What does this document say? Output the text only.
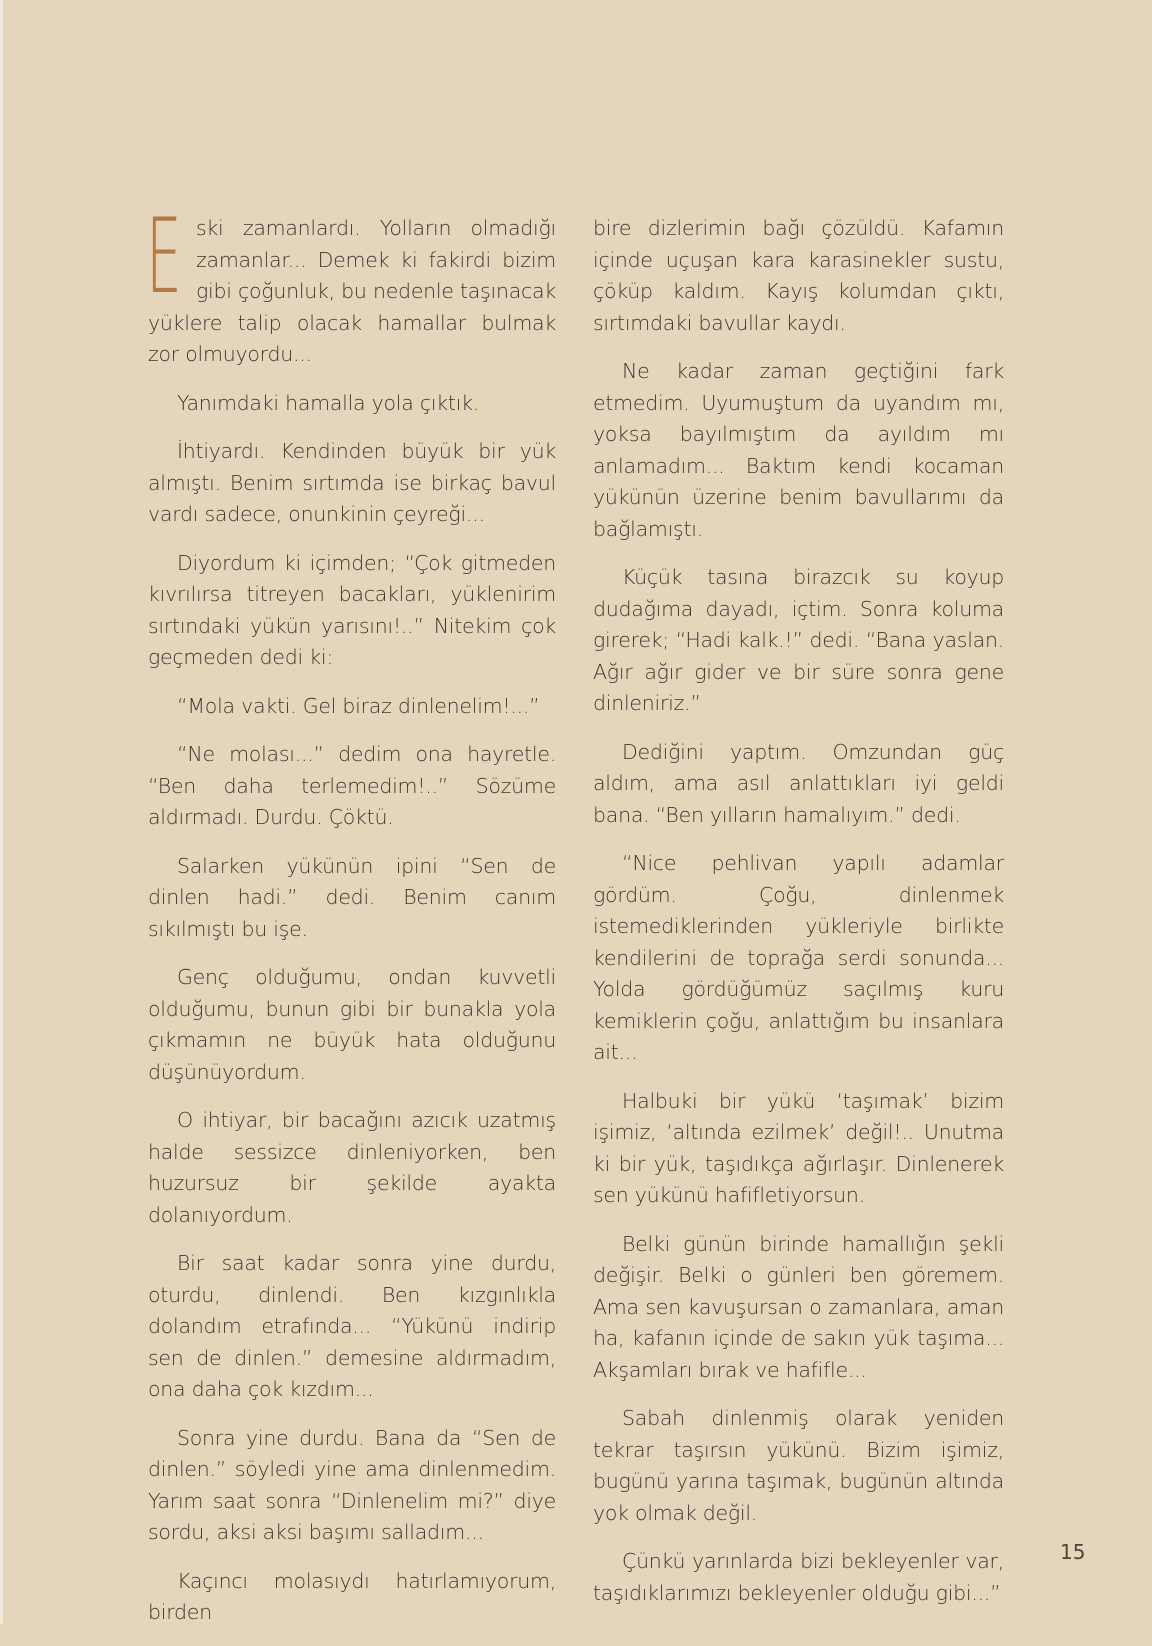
Eski zamanlardı. Yolların olmadığı zamanlar... Demek ki fakirdi bizim gibi çoğunluk, bu nedenle taşınacak yüklere talip olacak hamallar bulmak zor olmuyordu...

Yanımdaki hamalla yola çıktık.

İhtiyardı. Kendinden büyük bir yük almıştı. Benim sırtımda ise birkaç bavul vardı sadece, onunkinin çeyreği...

Diyordum ki içimden; “Çok gitmeden kıvrılırsa titreyen bacakları, yüklenirim sırtındaki yükün yarısını!..” Nitekim çok geçmeden dedi ki:

“Mola vakti. Gel biraz dinlenelim!...”

“Ne molası...” dedim ona hayretle. “Ben daha terlemedim!..” Sözüme aldırmadı. Durdu. Çöktü.

Salarken yükünün ipini “Sen de dinlen hadi.” dedi. Benim canım sıkılmıştı bu işe.

Genç olduğumu, ondan kuvvetli olduğumu, bunun gibi bir bunakla yola çıkmamın ne büyük hata olduğunu düşünüyordum.

O ihtiyar, bir bacağını azıcık uzatmış halde sessizce dinleniyorken, ben huzursuz bir şekilde ayakta dolanıyordum.

Bir saat kadar sonra yine durdu, oturdu, dinlendi. Ben kızgınlıkla dolandım etrafında... “Yükünü indirip sen de dinlen.” demesine aldırmadım, ona daha çok kızdım...

Sonra yine durdu. Bana da “Sen de dinlen.” söyledi yine ama dinlenmedim. Yarım saat sonra “Dinlenelim mi?” diye sordu, aksi aksi başımı salladım...

Kaçıncı molasıydı hatırlamıyorum, birden

bire dizlerimin bağı çözüldü. Kafamın içinde uçuşan kara karasinekler sustu, çöküp kaldım. Kayış kolumdan çıktı, sırtımdaki bavullar kaydı.

Ne kadar zaman geçtiğini fark etmedim. Uyumuştum da uyandım mı, yoksa bayılmıştım da ayıldım mı anlamadım... Baktım kendi kocaman yükünün üzerine benim bavullarımı da bağlamıştı.

Küçük tasına birazcık su koyup dudağıma dayadı, içtim. Sonra koluma girerek; “Hadi kalk.!” dedi. “Bana yaslan. Ağır ağır gider ve bir süre sonra gene dinleniriz.”

Dediğini yaptım. Omzundan güç aldım, ama asıl anlattıkları iyi geldi bana. “Ben yılların hamalıyım.” dedi.

“Nice pehlivan yapılı adamlar gördüm. Çoğu, dinlenmek istemediklerinden yükleriyle birlikte kendilerini de toprağa serdi sonunda... Yolda gördüğümüz saçılmış kuru kemiklerin çoğu, anlattığım bu insanlara ait...

Halbuki bir yükü ‘taşımak’ bizim işimiz, ‘altında ezilmek’ değil!.. Unutma ki bir yük, taşıdıkça ağırlaşır. Dinlenerek sen yükünü hafifletiyorsun.

Belki günün birinde hamallığın şekli değişir. Belki o günleri ben göremem. Ama sen kavuşursan o zamanlara, aman ha, kafanın içinde de sakın yük taşıma... Akşamları bırak ve hafifle...

Sabah dinlenmiş olarak yeniden tekrar taşırsın yükünü. Bizim işimiz, bugünü yarına taşımak, bugünün altında yok olmak değil.

Çünkü yarınlarda bizi bekleyenler var, taşıdıklarımızı bekleyenler olduğu gibi...”

15
